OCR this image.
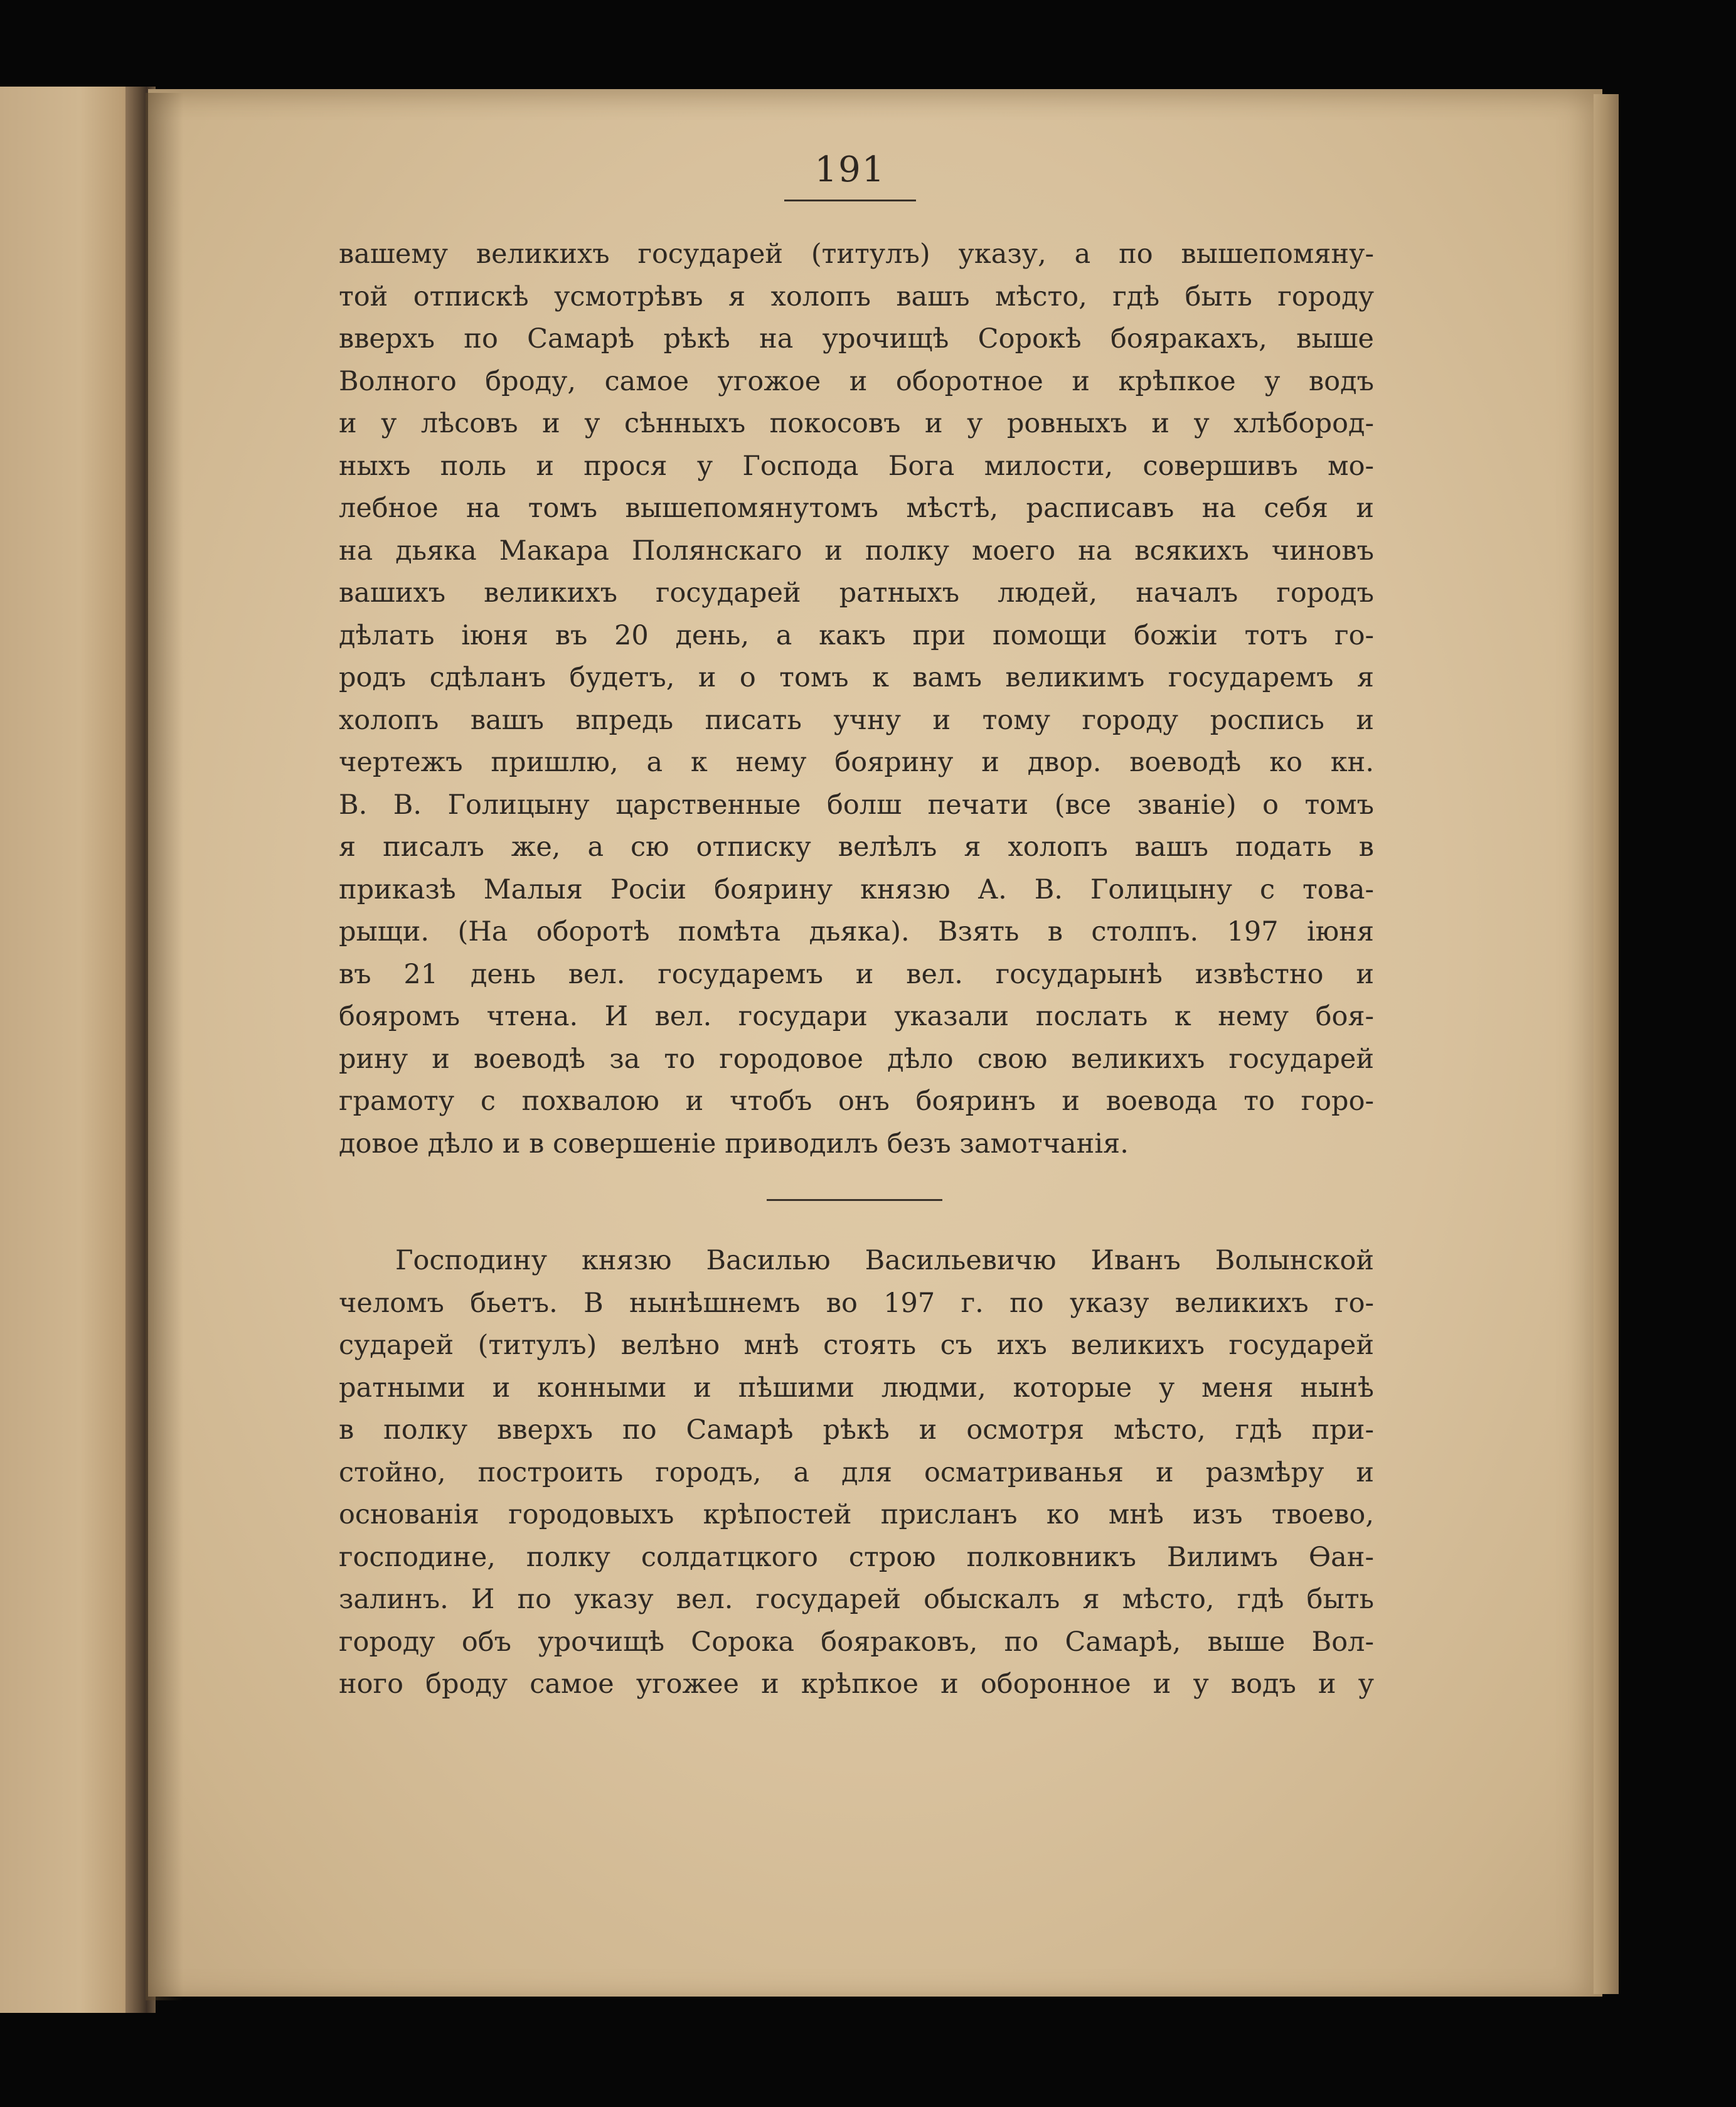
191
вашему великихъ государей (титулъ) указу, а по вышепомяну-
той отпискѣ усмотрѣвъ я холопъ вашъ мѣсто, гдѣ быть городу
вверхъ по Самарѣ рѣкѣ на урочищѣ Сорокѣ бояракахъ, выше
Волного броду, самое угожое и оборотное и крѣпкое у водъ
и у лѣсовъ и у сѣнныхъ покосовъ и у ровныхъ и у хлѣбород-
ныхъ поль и прося у Господа Бога милости, совершивъ мо-
лебное на томъ вышепомянутомъ мѣстѣ, расписавъ на себя и
на дьяка Макара Полянскаго и полку моего на всякихъ чиновъ
вашихъ великихъ государей ратныхъ людей, началъ городъ
дѣлать іюня въ 20 день, а какъ при помощи божіи тотъ го-
родъ сдѣланъ будетъ, и о томъ к вамъ великимъ государемъ я
холопъ вашъ впредь писать учну и тому городу роспись и
чертежъ пришлю, а к нему боярину и двор. воеводѣ ко кн.
В. В. Голицыну царственные болш печати (все званіе) о томъ
я писалъ же, а сю отписку велѣлъ я холопъ вашъ подать в
приказѣ Малыя Росіи боярину князю А. В. Голицыну с това-
рыщи. (На оборотѣ помѣта дьяка). Взять в столпъ. 197 іюня
въ 21 день вел. государемъ и вел. государынѣ извѣстно и
бояромъ чтена. И вел. государи указали послать к нему боя-
рину и воеводѣ за то городовое дѣло свою великихъ государей
грамоту с похвалою и чтобъ онъ бояринъ и воевода то горо-
довое дѣло и в совершеніе приводилъ безъ замотчанія.
Господину князю Василью Васильевичю Иванъ Волынской
челомъ бьетъ. В нынѣшнемъ во 197 г. по указу великихъ го-
сударей (титулъ) велѣно мнѣ стоять съ ихъ великихъ государей
ратными и конными и пѣшими людми, которые у меня нынѣ
в полку вверхъ по Самарѣ рѣкѣ и осмотря мѣсто, гдѣ при-
стойно, построить городъ, а для осматриванья и размѣру и
основанія городовыхъ крѣпостей присланъ ко мнѣ изъ твоево,
господине, полку солдатцкого строю полковникъ Вилимъ Ѳан-
залинъ. И по указу вел. государей обыскалъ я мѣсто, гдѣ быть
городу объ урочищѣ Сорока бояраковъ, по Самарѣ, выше Вол-
ного броду самое угожее и крѣпкое и оборонное и у водъ и у
